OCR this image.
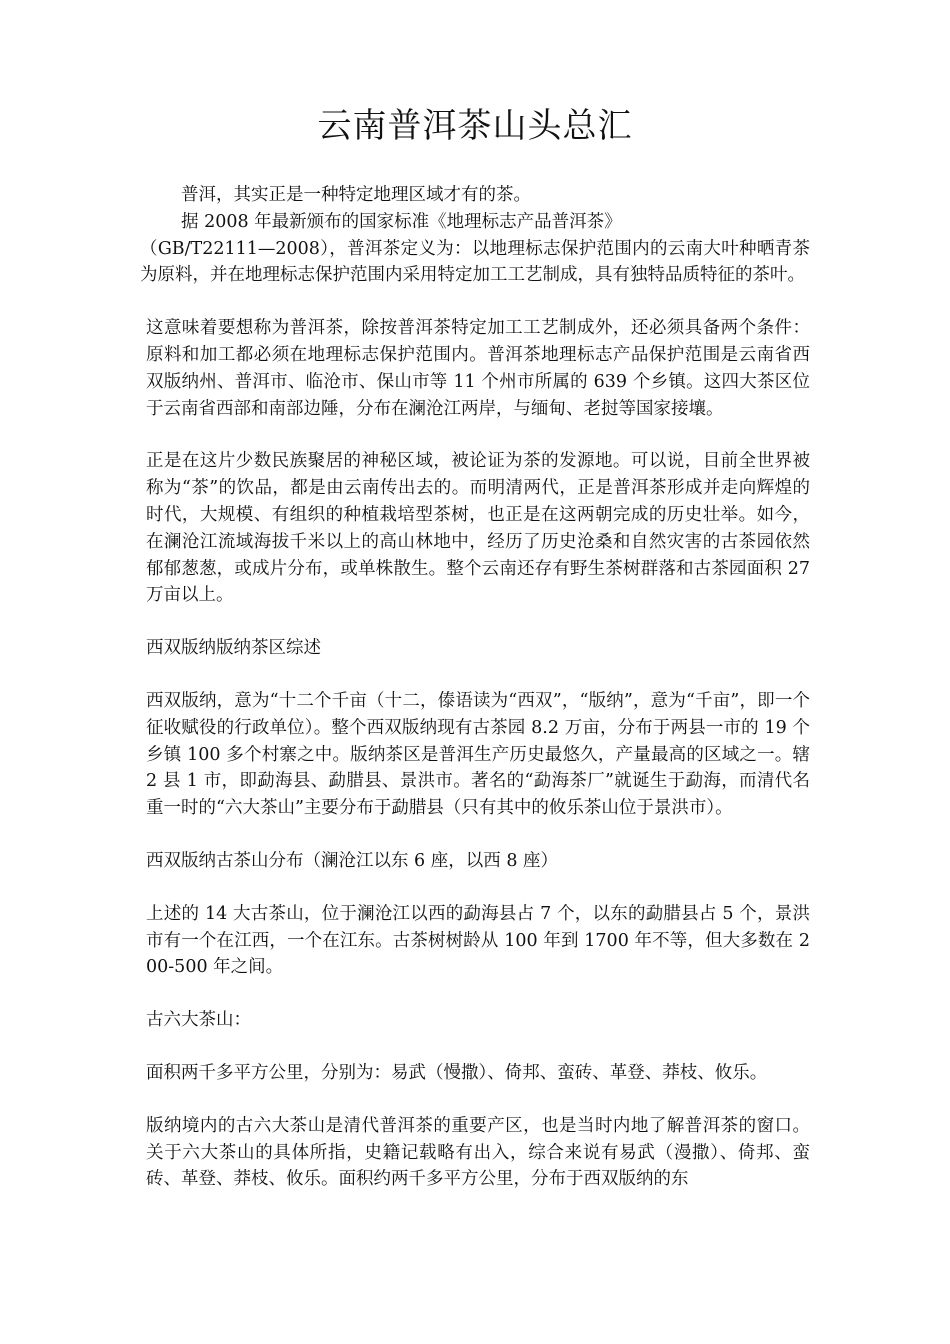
云南普洱茶山头总汇

普洱，其实正是一种特定地理区域才有的茶。

据 2008 年最新颁布的国家标准《地理标志产品普洱茶》

（GB/T22111—2008），普洱茶定义为：以地理标志保护范围内的云南大叶种晒青茶为原料，并在地理标志保护范围内采用特定加工工艺制成，具有独特品质特征的茶叶。

这意味着要想称为普洱茶，除按普洱茶特定加工工艺制成外，还必须具备两个条件：原料和加工都必须在地理标志保护范围内。普洱茶地理标志产品保护范围是云南省西双版纳州、普洱市、临沧市、保山市等 11 个州市所属的 639 个乡镇。这四大茶区位于云南省西部和南部边陲，分布在澜沧江两岸，与缅甸、老挝等国家接壤。

正是在这片少数民族聚居的神秘区域，被论证为茶的发源地。可以说，目前全世界被称为“茶”的饮品，都是由云南传出去的。而明清两代，正是普洱茶形成并走向辉煌的时代，大规模、有组织的种植栽培型茶树，也正是在这两朝完成的历史壮举。如今，在澜沧江流域海拔千米以上的高山林地中，经历了历史沧桑和自然灾害的古茶园依然郁郁葱葱，或成片分布，或单株散生。整个云南还存有野生茶树群落和古茶园面积 27 万亩以上。

西双版纳版纳茶区综述

西双版纳，意为“十二个千亩（十二，傣语读为“西双”，“版纳”，意为“千亩”，即一个征收赋役的行政单位）。整个西双版纳现有古茶园 8.2 万亩，分布于两县一市的 19 个乡镇 100 多个村寨之中。版纳茶区是普洱生产历史最悠久，产量最高的区域之一。辖 2 县 1 市，即勐海县、勐腊县、景洪市。著名的“勐海茶厂”就诞生于勐海，而清代名重一时的“六大茶山”主要分布于勐腊县（只有其中的攸乐茶山位于景洪市）。

西双版纳古茶山分布（澜沧江以东 6 座，以西 8 座）

上述的 14 大古茶山，位于澜沧江以西的勐海县占 7 个，以东的勐腊县占 5 个，景洪市有一个在江西，一个在江东。古茶树树龄从 100 年到 1700 年不等，但大多数在 200-500 年之间。

古六大茶山：

面积两千多平方公里，分别为：易武（慢撒）、倚邦、蛮砖、革登、莽枝、攸乐。

版纳境内的古六大茶山是清代普洱茶的重要产区，也是当时内地了解普洱茶的窗口。关于六大茶山的具体所指，史籍记载略有出入，综合来说有易武（漫撒）、倚邦、蛮砖、革登、莽枝、攸乐。面积约两千多平方公里，分布于西双版纳的东
